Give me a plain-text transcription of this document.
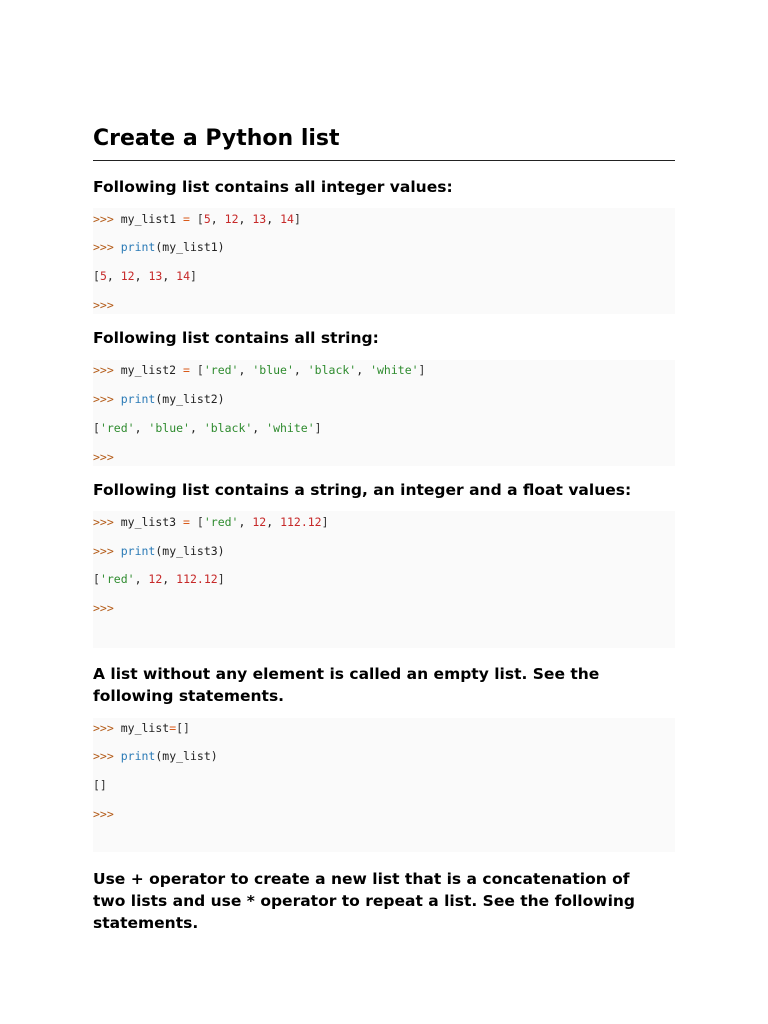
Create a Python list
Following list contains all integer values:
>>> my_list1 = [5, 12, 13, 14]
>>> print(my_list1)
[5, 12, 13, 14]
>>>
Following list contains all string:
>>> my_list2 = ['red', 'blue', 'black', 'white']
>>> print(my_list2)
['red', 'blue', 'black', 'white']
>>>
Following list contains a string, an integer and a float values:
>>> my_list3 = ['red', 12, 112.12]
>>> print(my_list3)
['red', 12, 112.12]
>>>
A list without any element is called an empty list. See the
following statements.
>>> my_list=[]
>>> print(my_list)
[]
>>>
Use + operator to create a new list that is a concatenation of
two lists and use * operator to repeat a list. See the following
statements.
